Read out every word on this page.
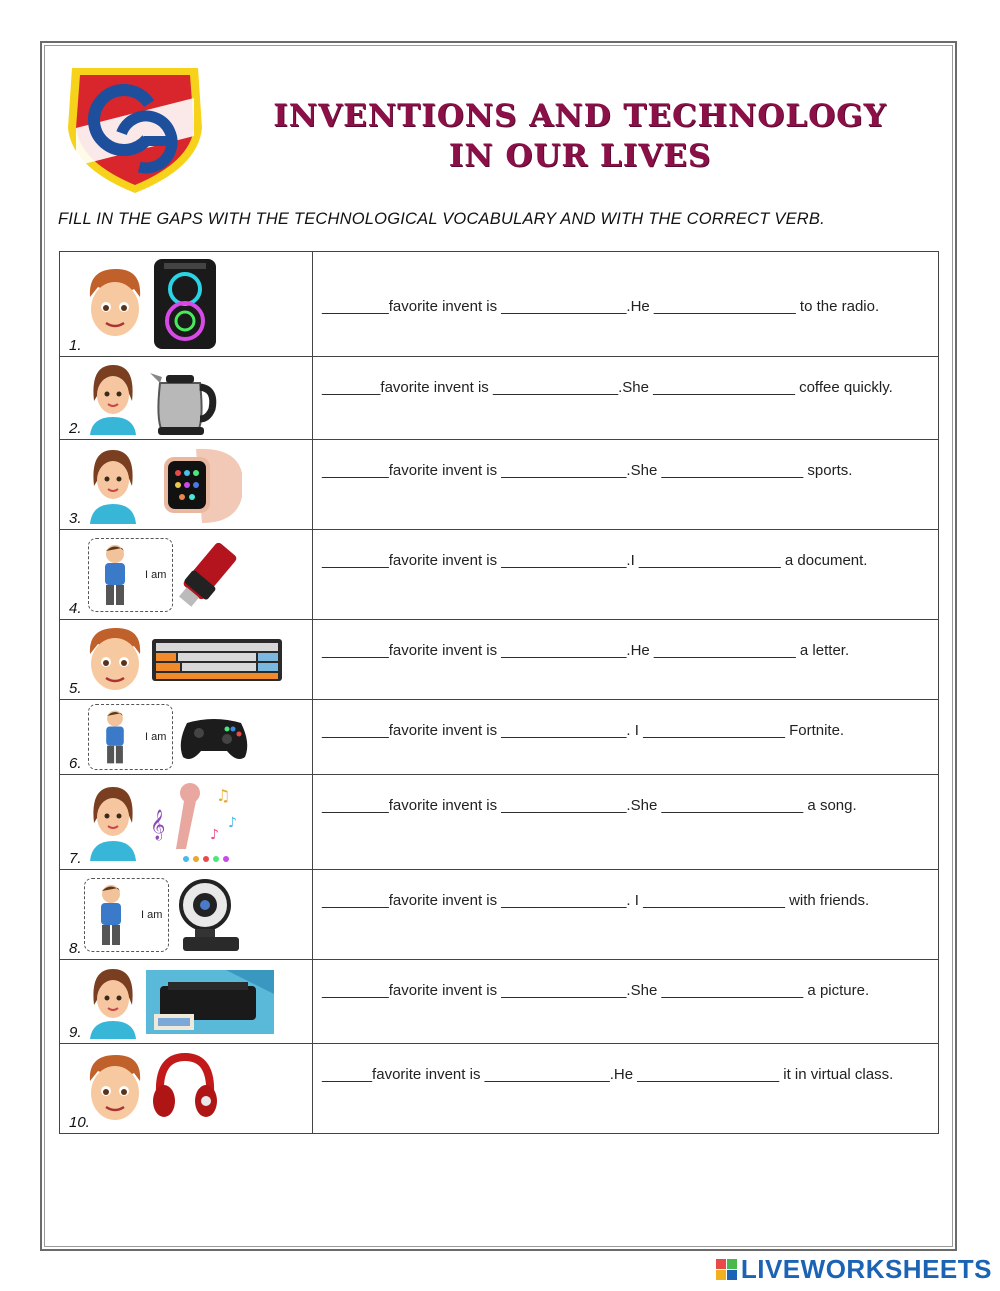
INVENTIONS AND TECHNOLOGY
IN OUR LIVES
FILL IN THE GAPS WITH THE TECHNOLOGICAL VOCABULARY AND WITH THE CORRECT VERB.
1.	________favorite invent is _______________.He _________________ to the radio.

2.	_______favorite invent is _______________.She _________________ coffee quickly.

3.	________favorite invent is _______________.She _________________ sports.

I am
4.	________favorite invent is _______________.I _________________ a document.

5.	________favorite invent is _______________.He _________________ a letter.

I am
6.	________favorite invent is _______________. I _________________ Fortnite.

𝄞
♫
♪
♪
7.	________favorite invent is _______________.She _________________ a song.

I am
8.	________favorite invent is _______________. I _________________ with friends.

9.	________favorite invent is _______________.She _________________ a picture.

10.	______favorite invent is _______________.He _________________ it in virtual class.
LIVEWORKSHEETS
